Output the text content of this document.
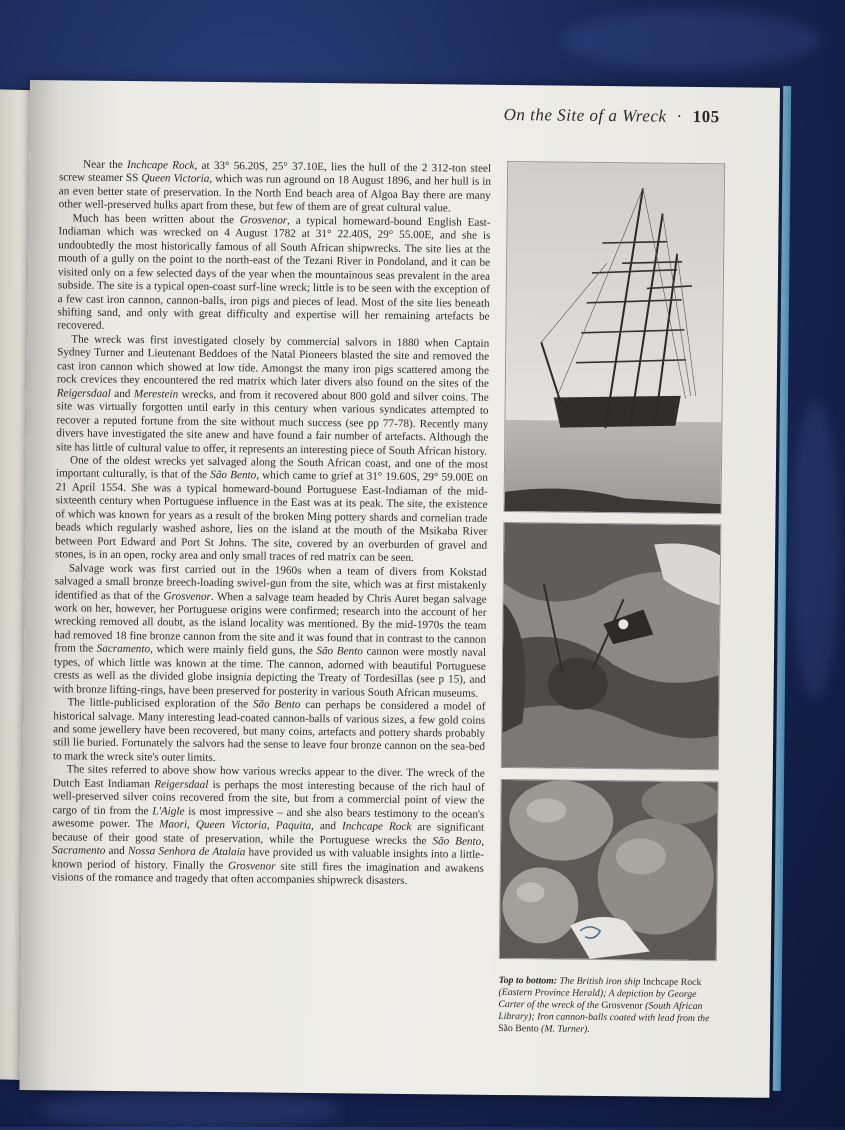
On the Site of a Wreck · 105

Near the Inchcape Rock, at 33° 56.20S, 25° 37.10E, lies the hull of the 2 312-ton steel screw steamer SS Queen Victoria, which was run aground on 18 August 1896, and her hull is in an even better state of preservation. In the North End beach area of Algoa Bay there are many other well-preserved hulks apart from these, but few of them are of great cultural value.

Much has been written about the Grosvenor, a typical homeward-bound English East-Indiaman which was wrecked on 4 August 1782 at 31° 22.40S, 29° 55.00E, and she is undoubtedly the most historically famous of all South African shipwrecks. The site lies at the mouth of a gully on the point to the north-east of the Tezani River in Pondoland, and it can be visited only on a few selected days of the year when the mountainous seas prevalent in the area subside. The site is a typical open-coast surf-line wreck; little is to be seen with the exception of a few cast iron cannon, cannon-balls, iron pigs and pieces of lead. Most of the site lies beneath shifting sand, and only with great difficulty and expertise will her remaining artefacts be recovered.

The wreck was first investigated closely by commercial salvors in 1880 when Captain Sydney Turner and Lieutenant Beddoes of the Natal Pioneers blasted the site and removed the cast iron cannon which showed at low tide. Amongst the many iron pigs scattered among the rock crevices they encountered the red matrix which later divers also found on the sites of the Reigersdaal and Merestein wrecks, and from it recovered about 800 gold and silver coins. The site was virtually forgotten until early in this century when various syndicates attempted to recover a reputed fortune from the site without much success (see pp 77-78). Recently many divers have investigated the site anew and have found a fair number of artefacts. Although the site has little of cultural value to offer, it represents an interesting piece of South African history.

One of the oldest wrecks yet salvaged along the South African coast, and one of the most important culturally, is that of the São Bento, which came to grief at 31° 19.60S, 29° 59.00E on 21 April 1554. She was a typical homeward-bound Portuguese East-Indiaman of the mid-sixteenth century when Portuguese influence in the East was at its peak. The site, the existence of which was known for years as a result of the broken Ming pottery shards and cornelian trade beads which regularly washed ashore, lies on the island at the mouth of the Msikaba River between Port Edward and Port St Johns. The site, covered by an overburden of gravel and stones, is in an open, rocky area and only small traces of red matrix can be seen.

Salvage work was first carried out in the 1960s when a team of divers from Kokstad salvaged a small bronze breech-loading swivel-gun from the site, which was at first mistakenly identified as that of the Grosvenor. When a salvage team headed by Chris Auret began salvage work on her, however, her Portuguese origins were confirmed; research into the account of her wrecking removed all doubt, as the island locality was mentioned. By the mid-1970s the team had removed 18 fine bronze cannon from the site and it was found that in contrast to the cannon from the Sacramento, which were mainly field guns, the São Bento cannon were mostly naval types, of which little was known at the time. The cannon, adorned with beautiful Portuguese crests as well as the divided globe insignia depicting the Treaty of Tordesillas (see p 15), and with bronze lifting-rings, have been preserved for posterity in various South African museums.

The little-publicised exploration of the São Bento can perhaps be considered a model of historical salvage. Many interesting lead-coated cannon-balls of various sizes, a few gold coins and some jewellery have been recovered, but many coins, artefacts and pottery shards probably still lie buried. Fortunately the salvors had the sense to leave four bronze cannon on the sea-bed to mark the wreck site's outer limits.

The sites referred to above show how various wrecks appear to the diver. The wreck of the Dutch East Indiaman Reigersdaal is perhaps the most interesting because of the rich haul of well-preserved silver coins recovered from the site, but from a commercial point of view the cargo of tin from the L'Aigle is most impressive – and she also bears testimony to the ocean's awesome power. The Maori, Queen Victoria, Paquita, and Inchcape Rock are significant because of their good state of preservation, while the Portuguese wrecks the São Bento, Sacramento and Nossa Senhora de Atalaia have provided us with valuable insights into a little-known period of history. Finally the Grosvenor site still fires the imagination and awakens visions of the romance and tragedy that often accompanies shipwreck disasters.

Top to bottom: The British iron ship Inchcape Rock (Eastern Province Herald); A depiction by George Carter of the wreck of the Grosvenor (South African Library); Iron cannon-balls coated with lead from the São Bento (M. Turner).
